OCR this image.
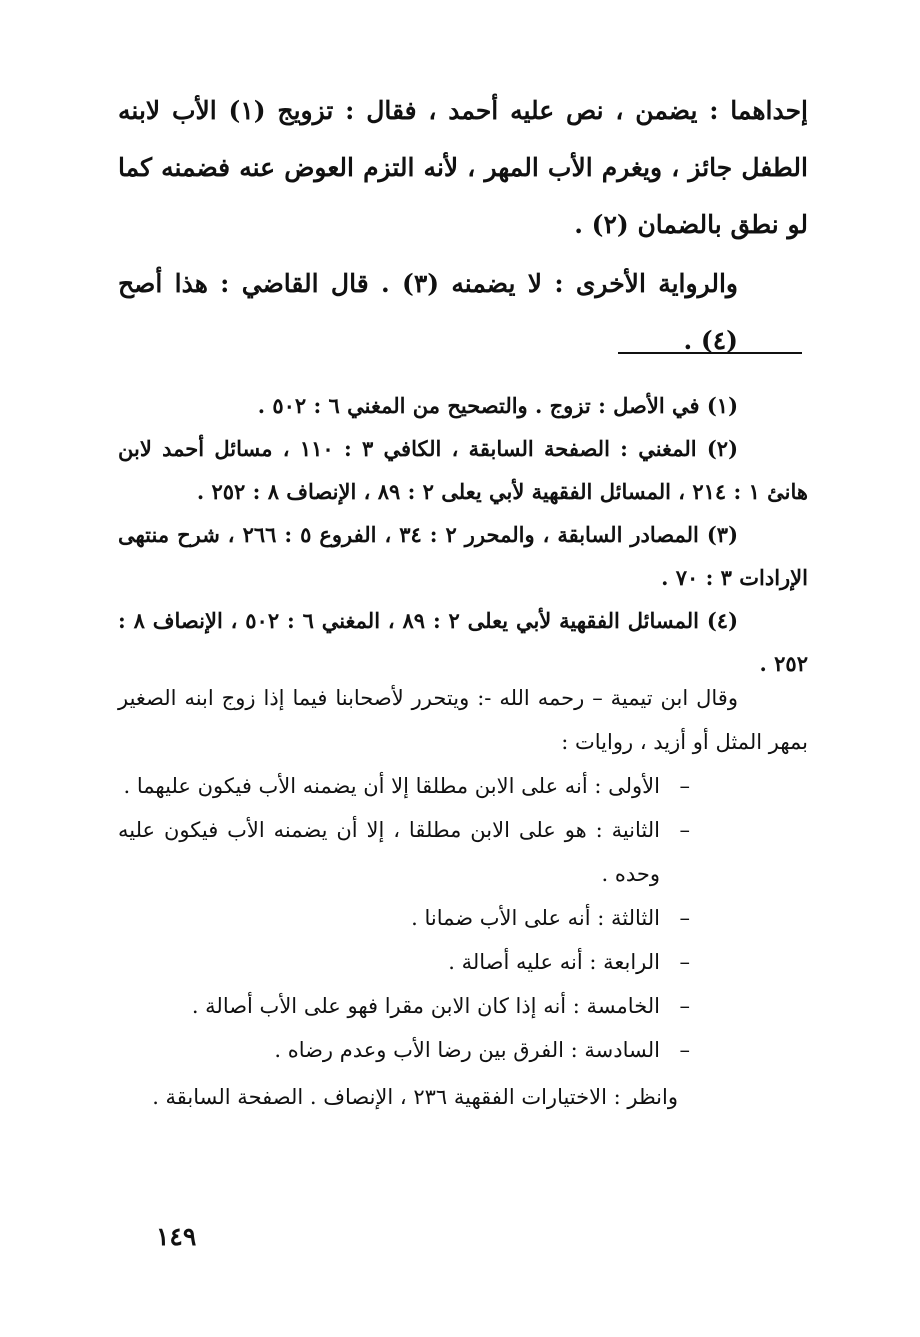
إحداهما : يضمن ، نص عليه أحمد ، فقال : تزويج (١) الأب لابنه الطفل جائز ، ويغرم الأب المهر ، لأنه التزم العوض عنه فضمنه كما لو نطق بالضمان (٢) .

والرواية الأخرى : لا يضمنه (٣) . قال القاضي : هذا أصح (٤) .

(١) في الأصل : تزوج . والتصحيح من المغني ٦ : ٥٠٢ .

(٢) المغني : الصفحة السابقة ، الكافي ٣ : ١١٠ ، مسائل أحمد لابن هانئ ١ : ٢١٤ ، المسائل الفقهية لأبي يعلى ٢ : ٨٩ ، الإنصاف ٨ : ٢٥٢ .

(٣) المصادر السابقة ، والمحرر ٢ : ٣٤ ، الفروع ٥ : ٢٦٦ ، شرح منتهى الإرادات ٣ : ٧٠ .

(٤) المسائل الفقهية لأبي يعلى ٢ : ٨٩ ، المغني ٦ : ٥٠٢ ، الإنصاف ٨ : ٢٥٢ .

وقال ابن تيمية – رحمه الله -: ويتحرر لأصحابنا فيما إذا زوج ابنه الصغير بمهر المثل أو أزيد ، روايات :

–
الأولى : أنه على الابن مطلقا إلا أن يضمنه الأب فيكون عليهما .
–
الثانية : هو على الابن مطلقا ، إلا أن يضمنه الأب فيكون عليه وحده .
–
الثالثة : أنه على الأب ضمانا .
–
الرابعة : أنه عليه أصالة .
–
الخامسة : أنه إذا كان الابن مقرا فهو على الأب أصالة .
–
السادسة : الفرق بين رضا الأب وعدم رضاه .

وانظر : الاختيارات الفقهية ٢٣٦ ، الإنصاف . الصفحة السابقة .

١٤٩
